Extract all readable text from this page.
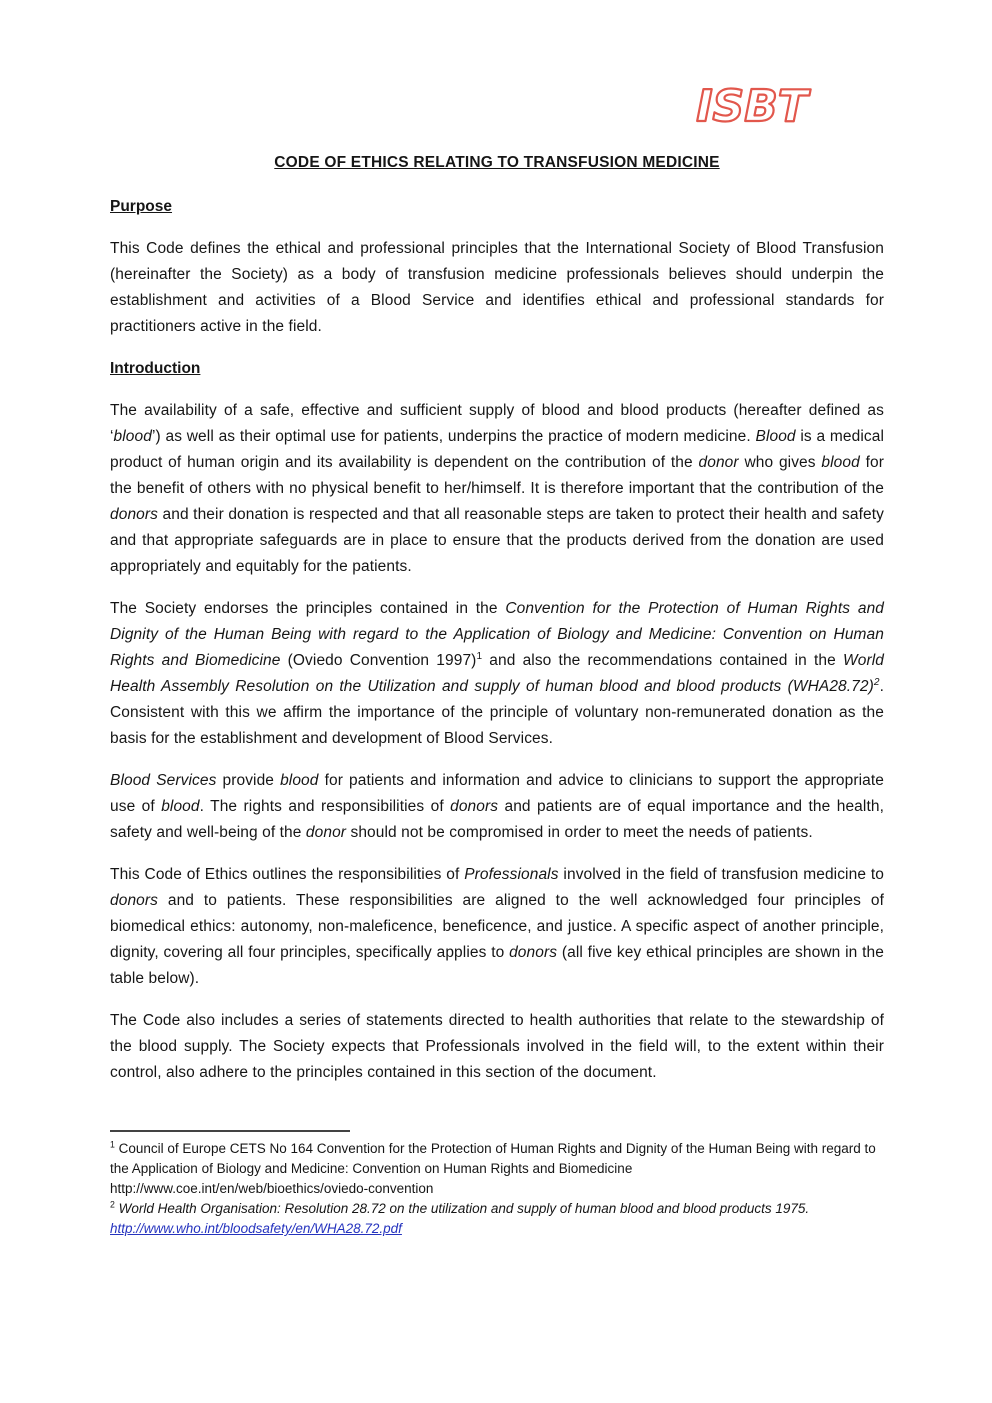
ISBT
CODE OF ETHICS RELATING TO TRANSFUSION MEDICINE
Purpose

This Code defines the ethical and professional principles that the International Society of Blood Transfusion (hereinafter the Society) as a body of transfusion medicine professionals believes should underpin the establishment and activities of a Blood Service and identifies ethical and professional standards for practitioners active in the field.

Introduction

The availability of a safe, effective and sufficient supply of blood and blood products (hereafter defined as ‘blood’) as well as their optimal use for patients, underpins the practice of modern medicine. Blood is a medical product of human origin and its availability is dependent on the contribution of the donor who gives blood for the benefit of others with no physical benefit to her/himself. It is therefore important that the contribution of the donors and their donation is respected and that all reasonable steps are taken to protect their health and safety and that appropriate safeguards are in place to ensure that the products derived from the donation are used appropriately and equitably for the patients.

The Society endorses the principles contained in the Convention for the Protection of Human Rights and Dignity of the Human Being with regard to the Application of Biology and Medicine: Convention on Human Rights and Biomedicine (Oviedo Convention 1997)$^1$ and also the recommendations contained in the World Health Assembly Resolution on the Utilization and supply of human blood and blood products $(WHA28.72)^2$. Consistent with this we affirm the importance of the principle of voluntary non-remunerated donation as the basis for the establishment and development of Blood Services.

Blood Services provide blood for patients and information and advice to clinicians to support the appropriate use of blood. The rights and responsibilities of donors and patients are of equal importance and the health, safety and well-being of the donor should not be compromised in order to meet the needs of patients.

This Code of Ethics outlines the responsibilities of Professionals involved in the field of transfusion medicine to donors and to patients. These responsibilities are aligned to the well acknowledged four principles of biomedical ethics: autonomy, non-maleficence, beneficence, and justice. A specific aspect of another principle, dignity, covering all four principles, specifically applies to donors (all five key ethical principles are shown in the table below).

The Code also includes a series of statements directed to health authorities that relate to the stewardship of the blood supply. The Society expects that Professionals involved in the field will, to the extent within their control, also adhere to the principles contained in this section of the document.

$^1$ Council of Europe CETS No 164 Convention for the Protection of Human Rights and Dignity of the Human Being with regard to the Application of Biology and Medicine: Convention on Human Rights and Biomedicine
http://www.coe.int/en/web/bioethics/oviedo-convention
$^2$ World Health Organisation: Resolution 28.72 on the utilization and supply of human blood and blood products 1975. http://www.who.int/bloodsafety/en/WHA28.72.pdf
